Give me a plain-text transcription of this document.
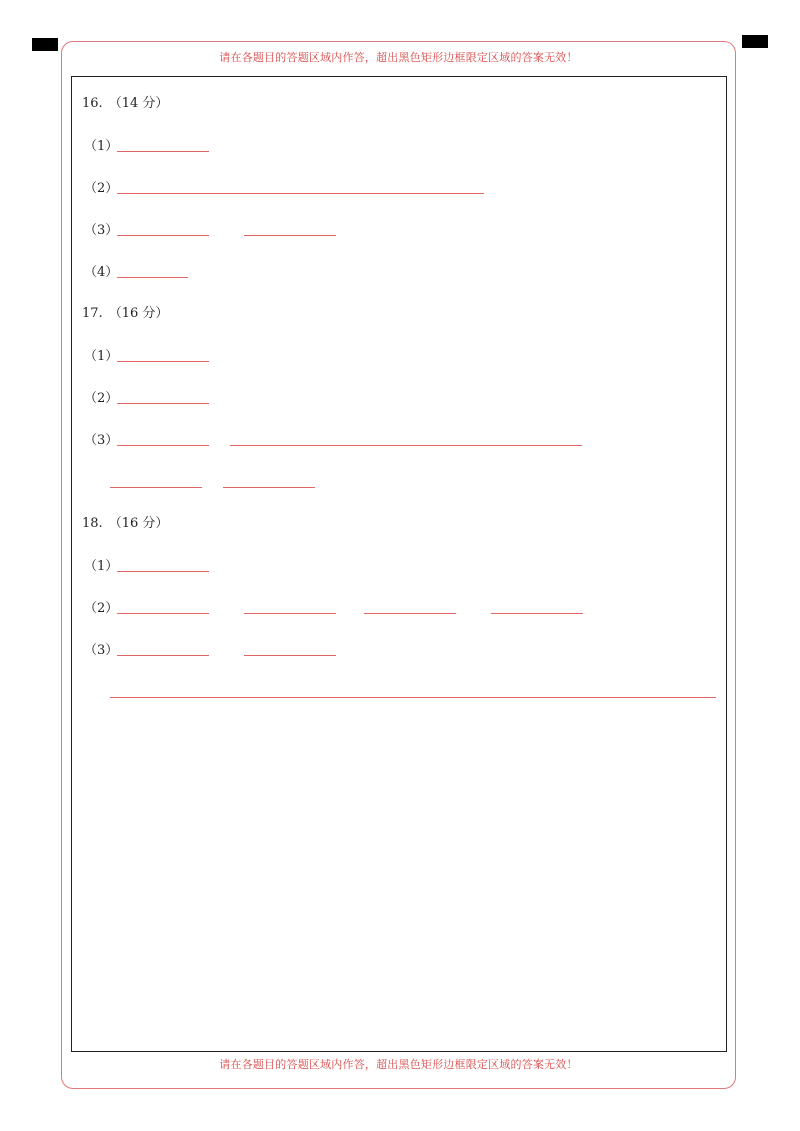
请在各题目的答题区域内作答，超出黑色矩形边框限定区域的答案无效！
16. （14 分）
（1）
（2）
（3）
（4）
17. （16 分）
（1）
（2）
（3）
18. （16 分）
（1）
（2）
（3）
请在各题目的答题区域内作答，超出黑色矩形边框限定区域的答案无效！
